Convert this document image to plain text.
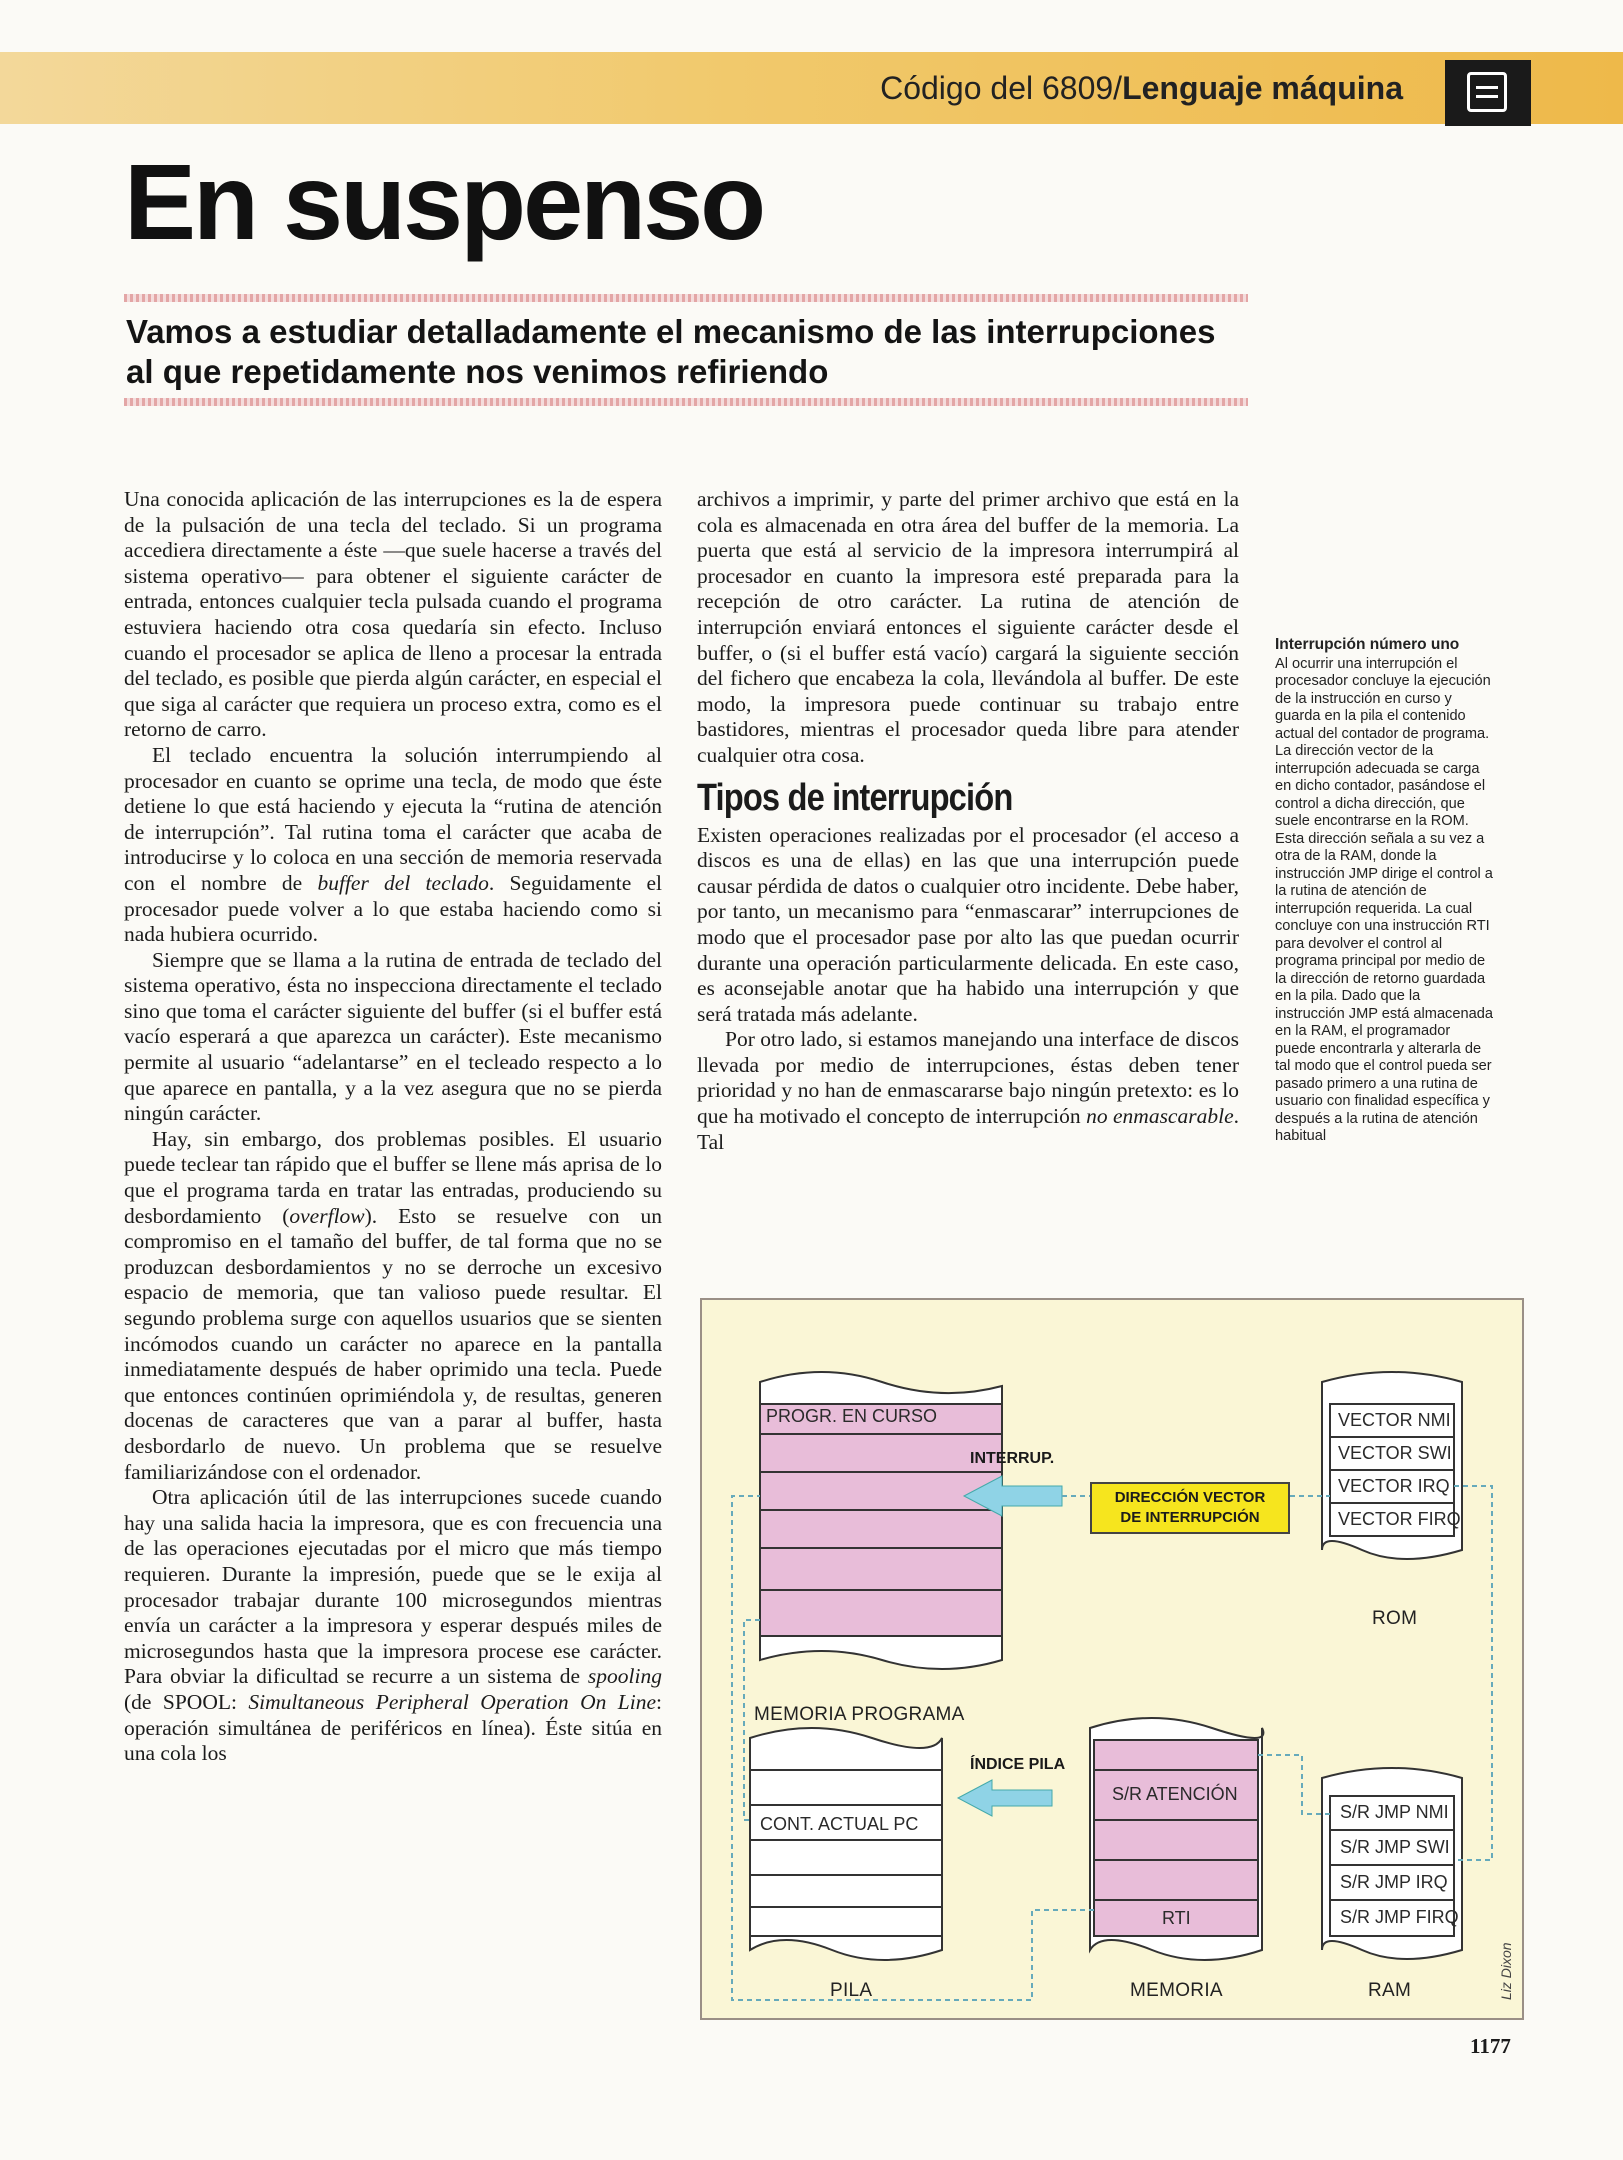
Código del 6809/Lenguaje máquina
En suspenso
Vamos a estudiar detalladamente el mecanismo de las interrupciones al que repetidamente nos venimos refiriendo

Una conocida aplicación de las interrupciones es la de espera de la pulsación de una tecla del teclado. Si un programa accediera directamente a éste —que suele hacerse a través del sistema operativo— para obtener el siguiente carácter de entrada, entonces cualquier tecla pulsada cuando el programa estuviera haciendo otra cosa quedaría sin efecto. Incluso cuando el procesador se aplica de lleno a procesar la entrada del teclado, es posible que pierda algún carácter, en especial el que siga al carácter que requiera un proceso extra, como es el retorno de carro.

El teclado encuentra la solución interrumpiendo al procesador en cuanto se oprime una tecla, de modo que éste detiene lo que está haciendo y ejecuta la “rutina de atención de interrupción”. Tal rutina toma el carácter que acaba de introducirse y lo coloca en una sección de memoria reservada con el nombre de buffer del teclado. Seguidamente el procesador puede volver a lo que estaba haciendo como si nada hubiera ocurrido.

Siempre que se llama a la rutina de entrada de teclado del sistema operativo, ésta no inspecciona directamente el teclado sino que toma el carácter siguiente del buffer (si el buffer está vacío esperará a que aparezca un carácter). Este mecanismo permite al usuario “adelantarse” en el tecleado respecto a lo que aparece en pantalla, y a la vez asegura que no se pierda ningún carácter.

Hay, sin embargo, dos problemas posibles. El usuario puede teclear tan rápido que el buffer se llene más aprisa de lo que el programa tarda en tratar las entradas, produciendo su desbordamiento (overflow). Esto se resuelve con un compromiso en el tamaño del buffer, de tal forma que no se produzcan desbordamientos y no se derroche un excesivo espacio de memoria, que tan valioso puede resultar. El segundo problema surge con aquellos usuarios que se sienten incómodos cuando un carácter no aparece en la pantalla inmediatamente después de haber oprimido una tecla. Puede que entonces continúen oprimiéndola y, de resultas, generen docenas de caracteres que van a parar al buffer, hasta desbordarlo de nuevo. Un problema que se resuelve familiarizándose con el ordenador.

Otra aplicación útil de las interrupciones sucede cuando hay una salida hacia la impresora, que es con frecuencia una de las operaciones ejecutadas por el micro que más tiempo requieren. Durante la impresión, puede que se le exija al procesador trabajar durante 100 microsegundos mientras envía un carácter a la impresora y esperar después miles de microsegundos hasta que la impresora procese ese carácter. Para obviar la dificultad se recurre a un sistema de spooling (de SPOOL: Simultaneous Peripheral Operation On Line: operación simultánea de periféricos en línea). Éste sitúa en una cola los

archivos a imprimir, y parte del primer archivo que está en la cola es almacenada en otra área del buffer de la memoria. La puerta que está al servicio de la impresora interrumpirá al procesador en cuanto la impresora esté preparada para la recepción de otro carácter. La rutina de atención de interrupción enviará entonces el siguiente carácter desde el buffer, o (si el buffer está vacío) cargará la siguiente sección del fichero que encabeza la cola, llevándola al buffer. De este modo, la impresora puede continuar su trabajo entre bastidores, mientras el procesador queda libre para atender cualquier otra cosa.

Tipos de interrupción

Existen operaciones realizadas por el procesador (el acceso a discos es una de ellas) en las que una interrupción puede causar pérdida de datos o cualquier otro incidente. Debe haber, por tanto, un mecanismo para “enmascarar” interrupciones de modo que el procesador pase por alto las que puedan ocurrir durante una operación particularmente delicada. En este caso, es aconsejable anotar que ha habido una interrupción y que será tratada más adelante.

Por otro lado, si estamos manejando una interface de discos llevada por medio de interrupciones, éstas deben tener prioridad y no han de enmascararse bajo ningún pretexto: es lo que ha motivado el concepto de interrupción no enmascarable. Tal

Interrupción número uno
Al ocurrir una interrupción el procesador concluye la ejecución de la instrucción en curso y guarda en la pila el contenido actual del contador de programa. La dirección vector de la interrupción adecuada se carga en dicho contador, pasándose el control a dicha dirección, que suele encontrarse en la ROM. Esta dirección señala a su vez a otra de la RAM, donde la instrucción JMP dirige el control a la rutina de atención de interrupción requerida. La cual concluye con una instrucción RTI para devolver el control al programa principal por medio de la dirección de retorno guardada en la pila. Dado que la instrucción JMP está almacenada en la RAM, el programador puede encontrarla y alterarla de tal modo que el control pueda ser pasado primero a una rutina de usuario con finalidad específica y después a la rutina de atención habitual
PROGR. EN CURSO
INTERRUP.
DIRECCIÓN VECTOR
DE INTERRUPCIÓN
VECTOR NMI
VECTOR SWI
VECTOR IRQ
VECTOR FIRQ
ROM
MEMORIA PROGRAMA
ÍNDICE PILA
CONT. ACTUAL PC
PILA
S/R ATENCIÓN
RTI
MEMORIA
S/R JMP NMI
S/R JMP SWI
S/R JMP IRQ
S/R JMP FIRQ
RAM	Liz Dixon
1177
